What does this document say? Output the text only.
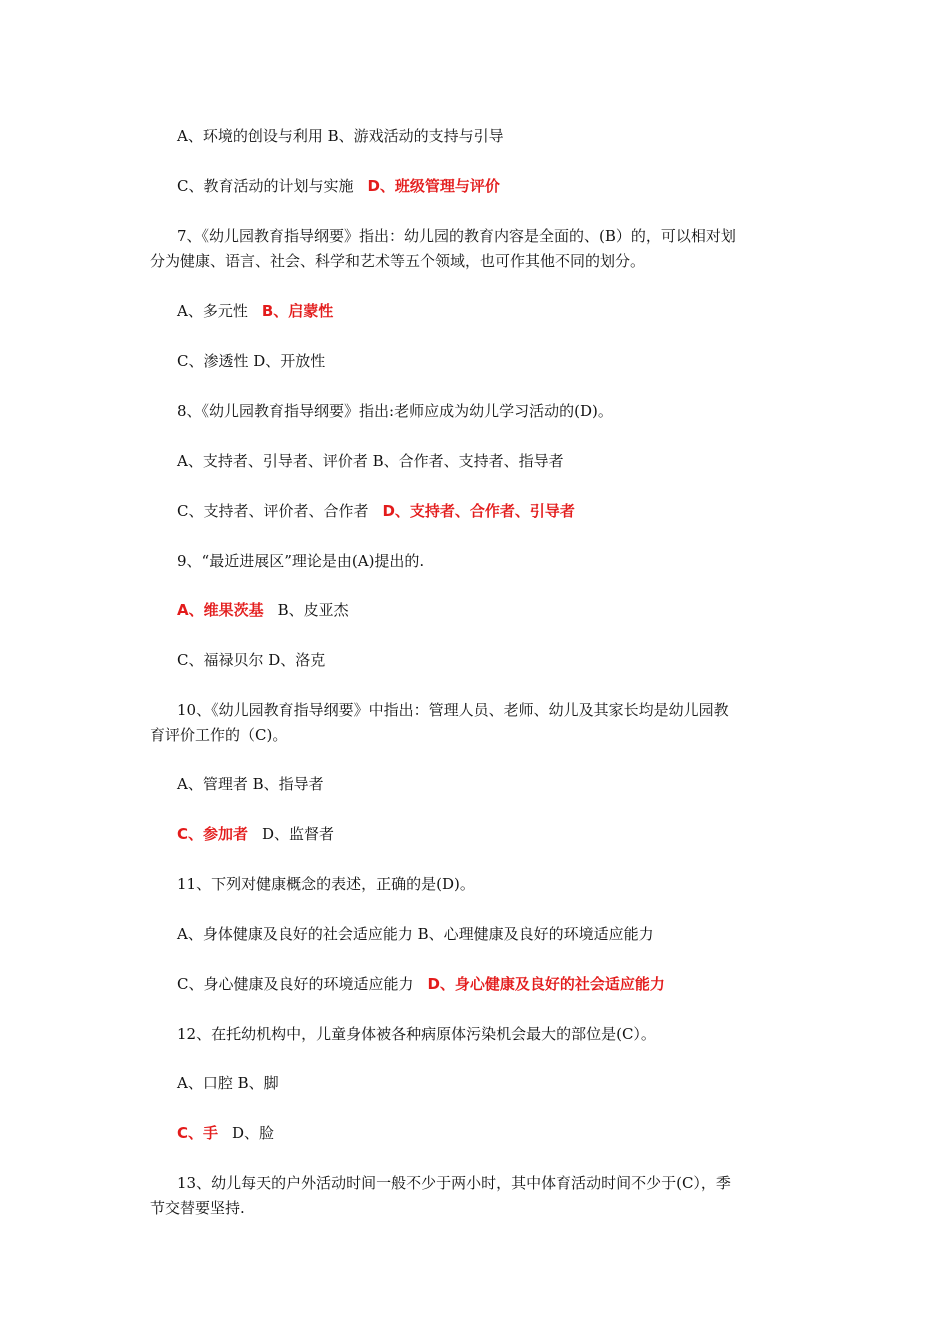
A、环境的创设与利用 B、游戏活动的支持与引导
C、教育活动的计划与实施 D、班级管理与评价
7、《幼儿园教育指导纲要》指出：幼儿园的教育内容是全面的、(B）的，可以相对划
分为健康、语言、社会、科学和艺术等五个领域，也可作其他不同的划分。
A、多元性 B、启蒙性
C、渗透性 D、开放性
8、《幼儿园教育指导纲要》指出:老师应成为幼儿学习活动的(D)。
A、支持者、引导者、评价者 B、合作者、支持者、指导者
C、支持者、评价者、合作者 D、支持者、合作者、引导者
9、“最近进展区”理论是由(A)提出的.
A、维果茨基 B、皮亚杰
C、福禄贝尔 D、洛克
10、《幼儿园教育指导纲要》中指出：管理人员、老师、幼儿及其家长均是幼儿园教
育评价工作的（C)。
A、管理者 B、指导者
C、参加者 D、监督者
11、下列对健康概念的表述，正确的是(D)。
A、身体健康及良好的社会适应能力 B、心理健康及良好的环境适应能力
C、身心健康及良好的环境适应能力 D、身心健康及良好的社会适应能力
12、在托幼机构中，儿童身体被各种病原体污染机会最大的部位是(C）。
A、口腔 B、脚
C、手 D、脸
13、幼儿每天的户外活动时间一般不少于两小时，其中体育活动时间不少于(C），季
节交替要坚持.
